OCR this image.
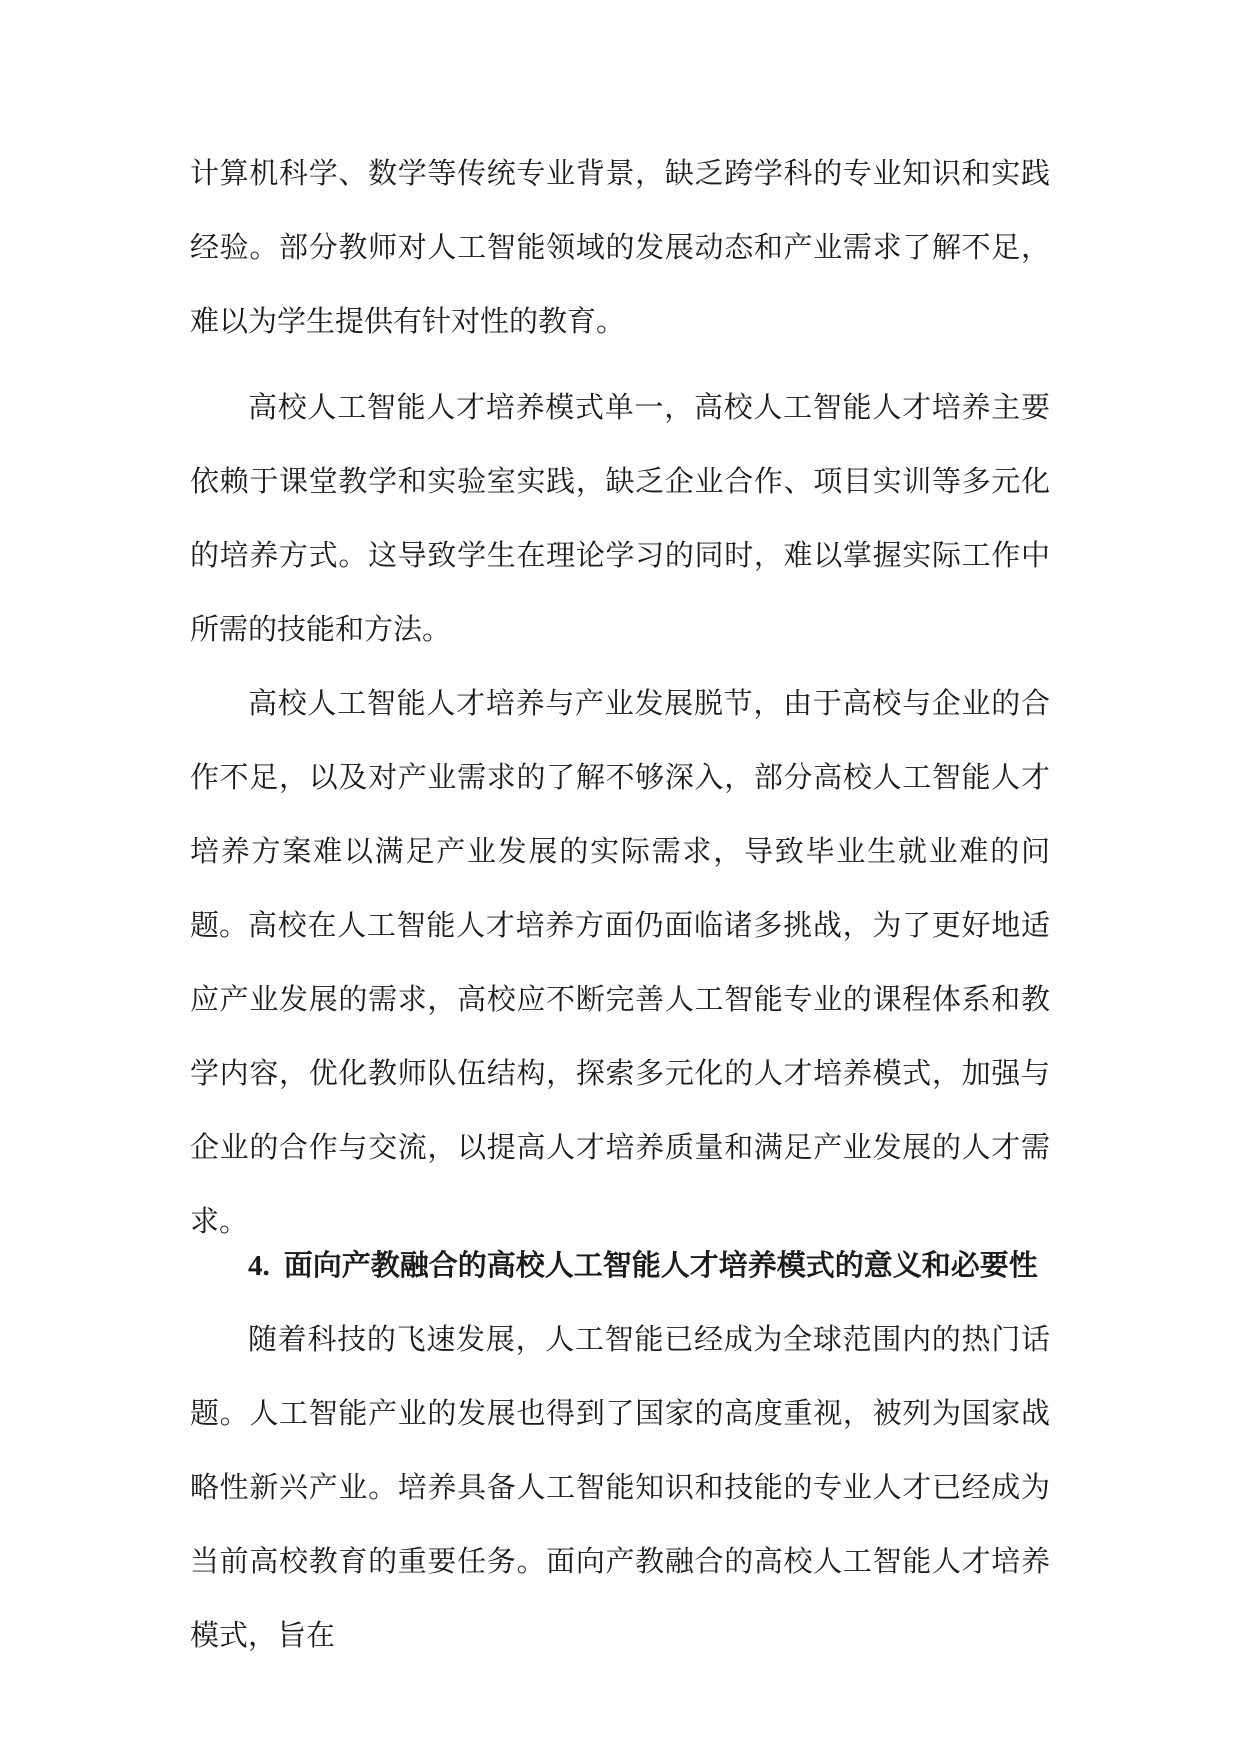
计算机科学、数学等传统专业背景，缺乏跨学科的专业知识和实践经验。部分教师对人工智能领域的发展动态和产业需求了解不足，难以为学生提供有针对性的教育。

高校人工智能人才培养模式单一，高校人工智能人才培养主要依赖于课堂教学和实验室实践，缺乏企业合作、项目实训等多元化的培养方式。这导致学生在理论学习的同时，难以掌握实际工作中所需的技能和方法。

高校人工智能人才培养与产业发展脱节，由于高校与企业的合作不足，以及对产业需求的了解不够深入，部分高校人工智能人才培养方案难以满足产业发展的实际需求，导致毕业生就业难的问题。 高校在人工智能人才培养方面仍面临诸多挑战，为了更好地适应产业发展的需求，高校应不断完善人工智能专业的课程体系和教学内容，优化教师队伍结构，探索多元化的人才培养模式，加强与企业的合作与交流，以提高人才培养质量和满足产业发展的人才需求。

4. 面向产教融合的高校人工智能人才培养模式的意义和必要性

随着科技的飞速发展，人工智能已经成为全球范围内的热门话题。人工智能产业的发展也得到了国家的高度重视，被列为国家战略性新兴产业。培养具备人工智能知识和技能的专业人才已经成为当前高校教育的重要任务。面向产教融合的高校人工智能人才培养模式，旨在
